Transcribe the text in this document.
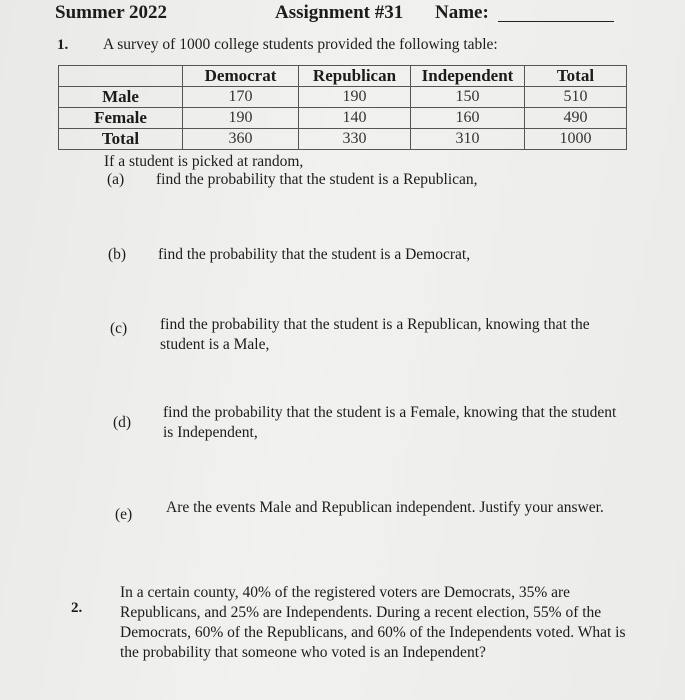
Summer 2022	Assignment #31 Name:
1. A survey of 1000 college students provided the following table:
	Democrat	Republican	Independent	Total
Male	170	190	150	510
Female	190	140	160	490
Total	360	330	310	1000
If a student is picked at random,
(a) find the probability that the student is a Republican,
(b) find the probability that the student is a Democrat,
(c) find the probability that the student is a Republican, knowing that the
student is a Male,
(d)
find the probability that the student is a Female, knowing that the student
is Independent,
(e) Are the events Male and Republican independent. Justify your answer.
2.
In a certain county, 40% of the registered voters are Democrats, 35% are
Republicans, and 25% are Independents. During a recent election, 55% of the
Democrats, 60% of the Republicans, and 60% of the Independents voted. What is
the probability that someone who voted is an Independent?
